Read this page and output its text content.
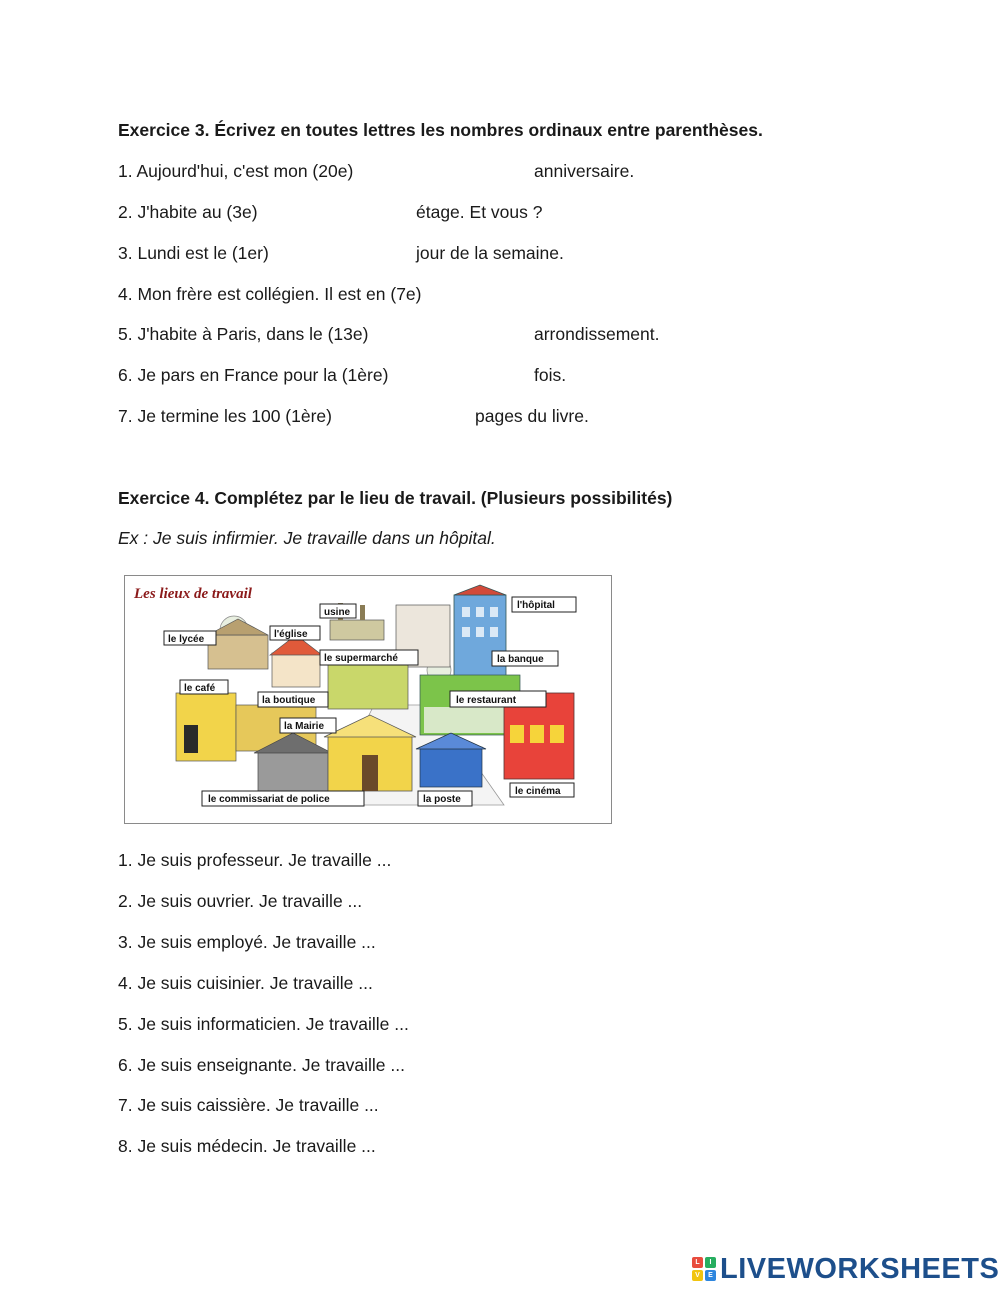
Exercice 3. Écrivez en toutes lettres les nombres ordinaux entre parenthèses.
1. Aujourd'hui, c'est mon (20e)	anniversaire.
2. J'habite au (3e)	étage. Et vous ?
3. Lundi est le (1er)	jour de la semaine.
4. Mon frère est collégien. Il est en (7e)
5. J'habite à Paris, dans le (13e)	arrondissement.
6. Je pars en France pour la (1ère)	fois.
7. Je termine les 100 (1ère)	pages du livre.
Exercice 4. Complétez par le lieu de travail. (Plusieurs possibilités)
Ex : Je suis infirmier. Je travaille dans un hôpital.
Les lieux de travail
usine
l'hôpital
le lycée	l'église
le supermarché	la banque
le café
la boutique	le restaurant
la Mairie
le commissariat de police	la poste
le cinéma
1. Je suis professeur. Je travaille ...
2. Je suis ouvrier. Je travaille ...
3. Je suis employé. Je travaille ...
4. Je suis cuisinier. Je travaille ...
5. Je suis informaticien. Je travaille ...
6. Je suis enseignante. Je travaille ...
7. Je suis caissière. Je travaille ...
8. Je suis médecin. Je travaille ...
L	I
V	E LIVEWORKSHEETS
